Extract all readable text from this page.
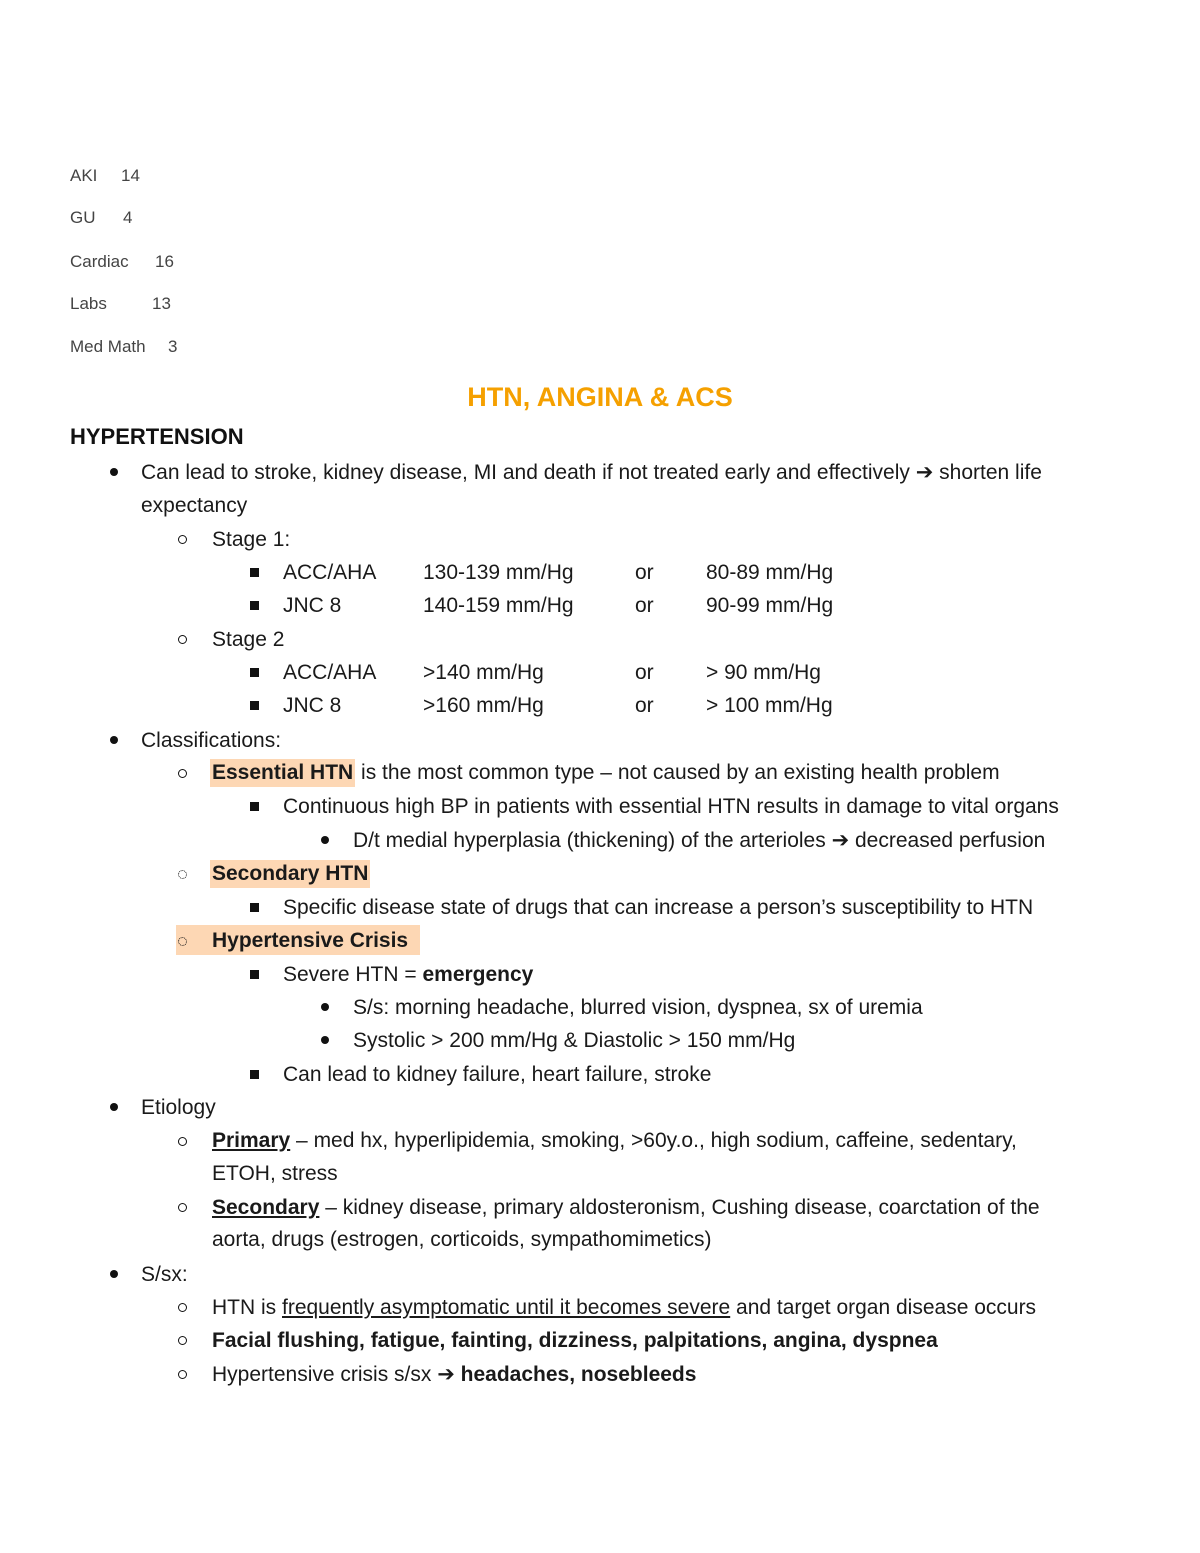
AKI 14
GU 4
Cardiac 16
Labs	13
Med Math 3
HTN, ANGINA & ACS
HYPERTENSION
Can lead to stroke, kidney disease, MI and death if not treated early and effectively ➔ shorten life
expectancy
Stage 1:
ACC/AHA 130-139 mm/Hg	or 80-89 mm/Hg
JNC 8	140-159 mm/Hg	or 90-99 mm/Hg
Stage 2
ACC/AHA >140 mm/Hg	or > 90 mm/Hg
JNC 8	>160 mm/Hg	or > 100 mm/Hg
Classifications:
Essential HTN is the most common type – not caused by an existing health problem
Continuous high BP in patients with essential HTN results in damage to vital organs
D/t medial hyperplasia (thickening) of the arterioles ➔ decreased perfusion
Secondary HTN
Specific disease state of drugs that can increase a person’s susceptibility to HTN
Hypertensive Crisis
Severe HTN = emergency
S/s: morning headache, blurred vision, dyspnea, sx of uremia
Systolic > 200 mm/Hg & Diastolic > 150 mm/Hg
Can lead to kidney failure, heart failure, stroke
Etiology
Primary – med hx, hyperlipidemia, smoking, >60y.o., high sodium, caffeine, sedentary,
ETOH, stress
Secondary – kidney disease, primary aldosteronism, Cushing disease, coarctation of the
aorta, drugs (estrogen, corticoids, sympathomimetics)
S/sx:
HTN is frequently asymptomatic until it becomes severe and target organ disease occurs
Facial flushing, fatigue, fainting, dizziness, palpitations, angina, dyspnea
Hypertensive crisis s/sx ➔ headaches, nosebleeds
